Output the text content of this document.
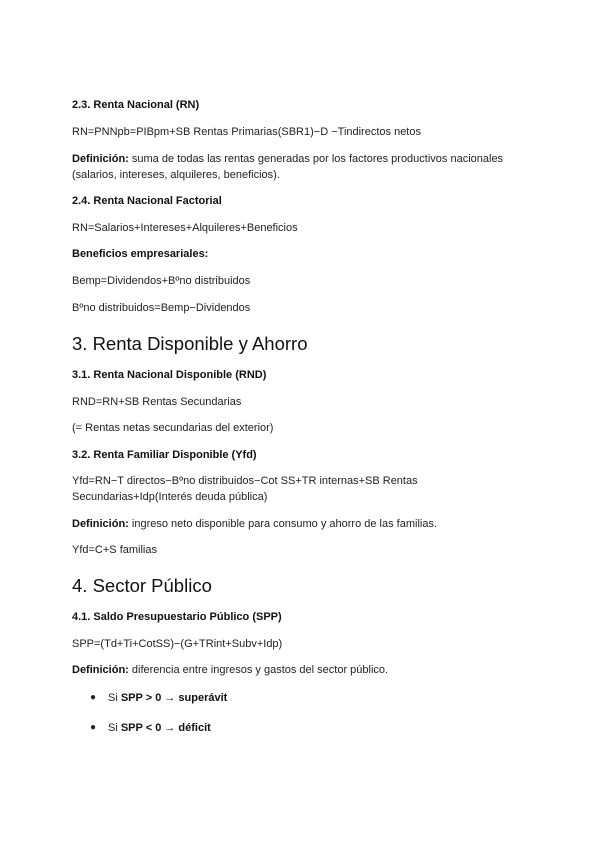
2.3. Renta Nacional (RN)
RN=PNNpb=PIBpm+SB Rentas Primarias(SBR1)−D −Tindirectos netos
Definición: suma de todas las rentas generadas por los factores productivos nacionales (salarios, intereses, alquileres, beneficios).
2.4. Renta Nacional Factorial
RN=Salarios+Intereses+Alquileres+Beneficios
Beneficios empresariales:
Bemp=Dividendos+Bºno distribuidos
Bºno distribuidos=Bemp−Dividendos
3. Renta Disponible y Ahorro
3.1. Renta Nacional Disponible (RND)
RND=RN+SB Rentas Secundarias
(= Rentas netas secundarias del exterior)
3.2. Renta Familiar Disponible (Yfd)
Yfd=RN−T directos−Bºno distribuidos−Cot SS+TR internas+SB Rentas Secundarias+Idp(Interés deuda pública)
Definición: ingreso neto disponible para consumo y ahorro de las familias.
Yfd=C+S familias
4. Sector Público
4.1. Saldo Presupuestario Público (SPP)
SPP=(Td+Ti+CotSS)−(G+TRint+Subv+Idp)
Definición: diferencia entre ingresos y gastos del sector público.
● Si SPP > 0 → superávit
● Si SPP < 0 → déficit
